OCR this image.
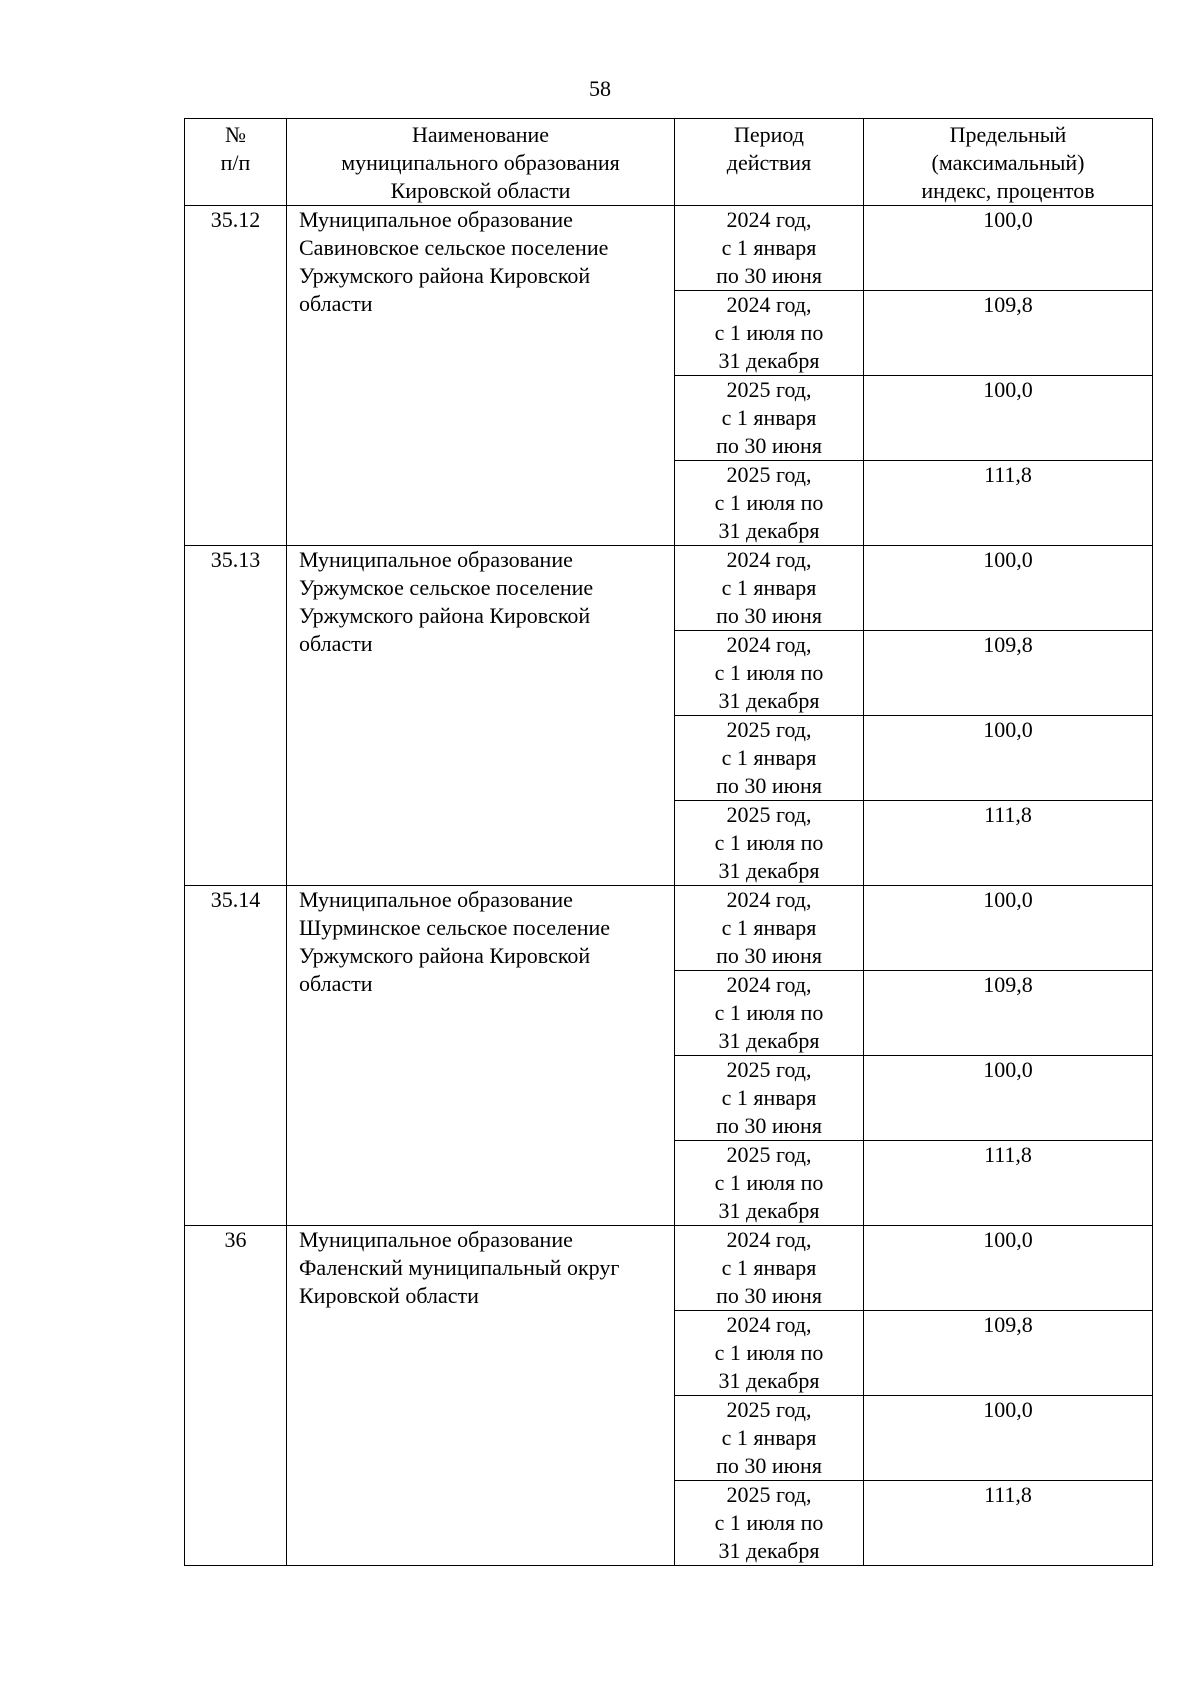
58
№
п/п	Наименование
муниципального образования
Кировской области	Период
действия	Предельный
(максимальный)
индекс, процентов

35.12	Муниципальное образование
Савиновское сельское поселение
Уржумского района Кировской
области	2024 год,
с 1 января
по 30 июня	100,0

		2024 год,
с 1 июля по
31 декабря	109,8

		2025 год,
с 1 января
по 30 июня	100,0

		2025 год,
с 1 июля по
31 декабря	111,8
35.13	Муниципальное образование
Уржумское сельское поселение
Уржумского района Кировской
области	2024 год,
с 1 января
по 30 июня	100,0

		2024 год,
с 1 июля по
31 декабря	109,8

		2025 год,
с 1 января
по 30 июня	100,0

		2025 год,
с 1 июля по
31 декабря	111,8
35.14	Муниципальное образование
Шурминское сельское поселение
Уржумского района Кировской
области	2024 год,
с 1 января
по 30 июня	100,0

		2024 год,
с 1 июля по
31 декабря	109,8

		2025 год,
с 1 января
по 30 июня	100,0

		2025 год,
с 1 июля по
31 декабря	111,8
36	Муниципальное образование
Фаленский муниципальный округ
Кировской области	2024 год,
с 1 января
по 30 июня	100,0

		2024 год,
с 1 июля по
31 декабря	109,8

		2025 год,
с 1 января
по 30 июня	100,0

		2025 год,
с 1 июля по
31 декабря	111,8
